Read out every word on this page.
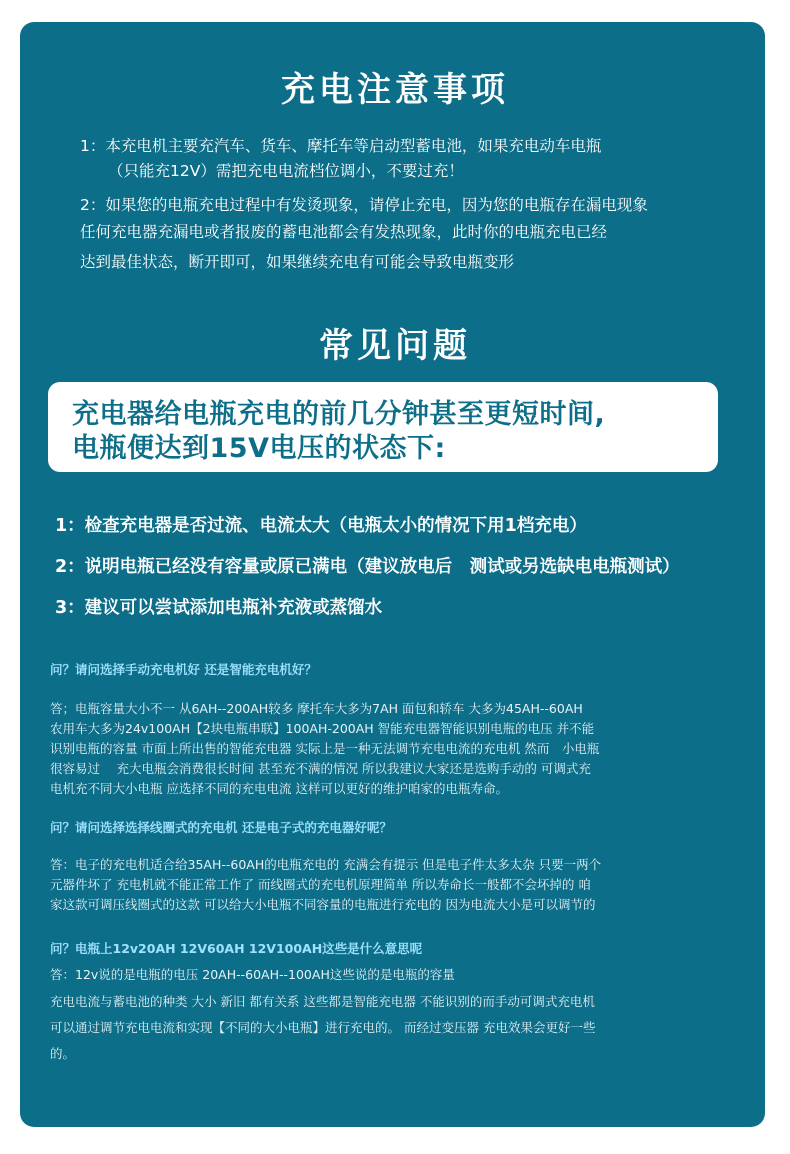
充电注意事项
1：本充电机主要充汽车、货车、摩托车等启动型蓄电池，如果充电动车电瓶
（只能充12V）需把充电电流档位调小，不要过充！
2：如果您的电瓶充电过程中有发烫现象，请停止充电，因为您的电瓶存在漏电现象
任何充电器充漏电或者报废的蓄电池都会有发热现象，此时你的电瓶充电已经
达到最佳状态，断开即可，如果继续充电有可能会导致电瓶变形
常见问题
充电器给电瓶充电的前几分钟甚至更短时间,
电瓶便达到15V电压的状态下:
1：检查充电器是否过流、电流太大（电瓶太小的情况下用1档充电）
2：说明电瓶已经没有容量或原已满电（建议放电后　测试或另选缺电电瓶测试）
3：建议可以尝试添加电瓶补充液或蒸馏水
问？请问选择手动充电机好 还是智能充电机好？
答；电瓶容量大小不一 从6AH--200AH较多 摩托车大多为7AH 面包和轿车 大多为45AH--60AH
农用车大多为24v100AH【2块电瓶串联】100AH-200AH 智能充电器智能识别电瓶的电压 并不能
识别电瓶的容量 市面上所出售的智能充电器 实际上是一种无法调节充电电流的充电机 然而　小电瓶
很容易过　 充大电瓶会消费很长时间 甚至充不满的情况 所以我建议大家还是选购手动的 可调式充
电机充不同大小电瓶 应选择不同的充电电流 这样可以更好的维护咱家的电瓶寿命。
问？请问选择选择线圈式的充电机 还是电子式的充电器好呢？
答：电子的充电机适合给35AH--60AH的电瓶充电的 充满会有提示 但是电子件太多太杂 只要一两个
元器件坏了 充电机就不能正常工作了 而线圈式的充电机原理简单 所以寿命长一般都不会坏掉的 咱
家这款可调压线圈式的这款 可以给大小电瓶不同容量的电瓶进行充电的 因为电流大小是可以调节的
问？电瓶上12v20AH 12V60AH 12V100AH这些是什么意思呢
答：12v说的是电瓶的电压 20AH--60AH--100AH这些说的是电瓶的容量
充电电流与蓄电池的种类 大小 新旧 都有关系 这些都是智能充电器 不能识别的而手动可调式充电机
可以通过调节充电电流和实现【不同的大小电瓶】进行充电的。 而经过变压器 充电效果会更好一些
的。
